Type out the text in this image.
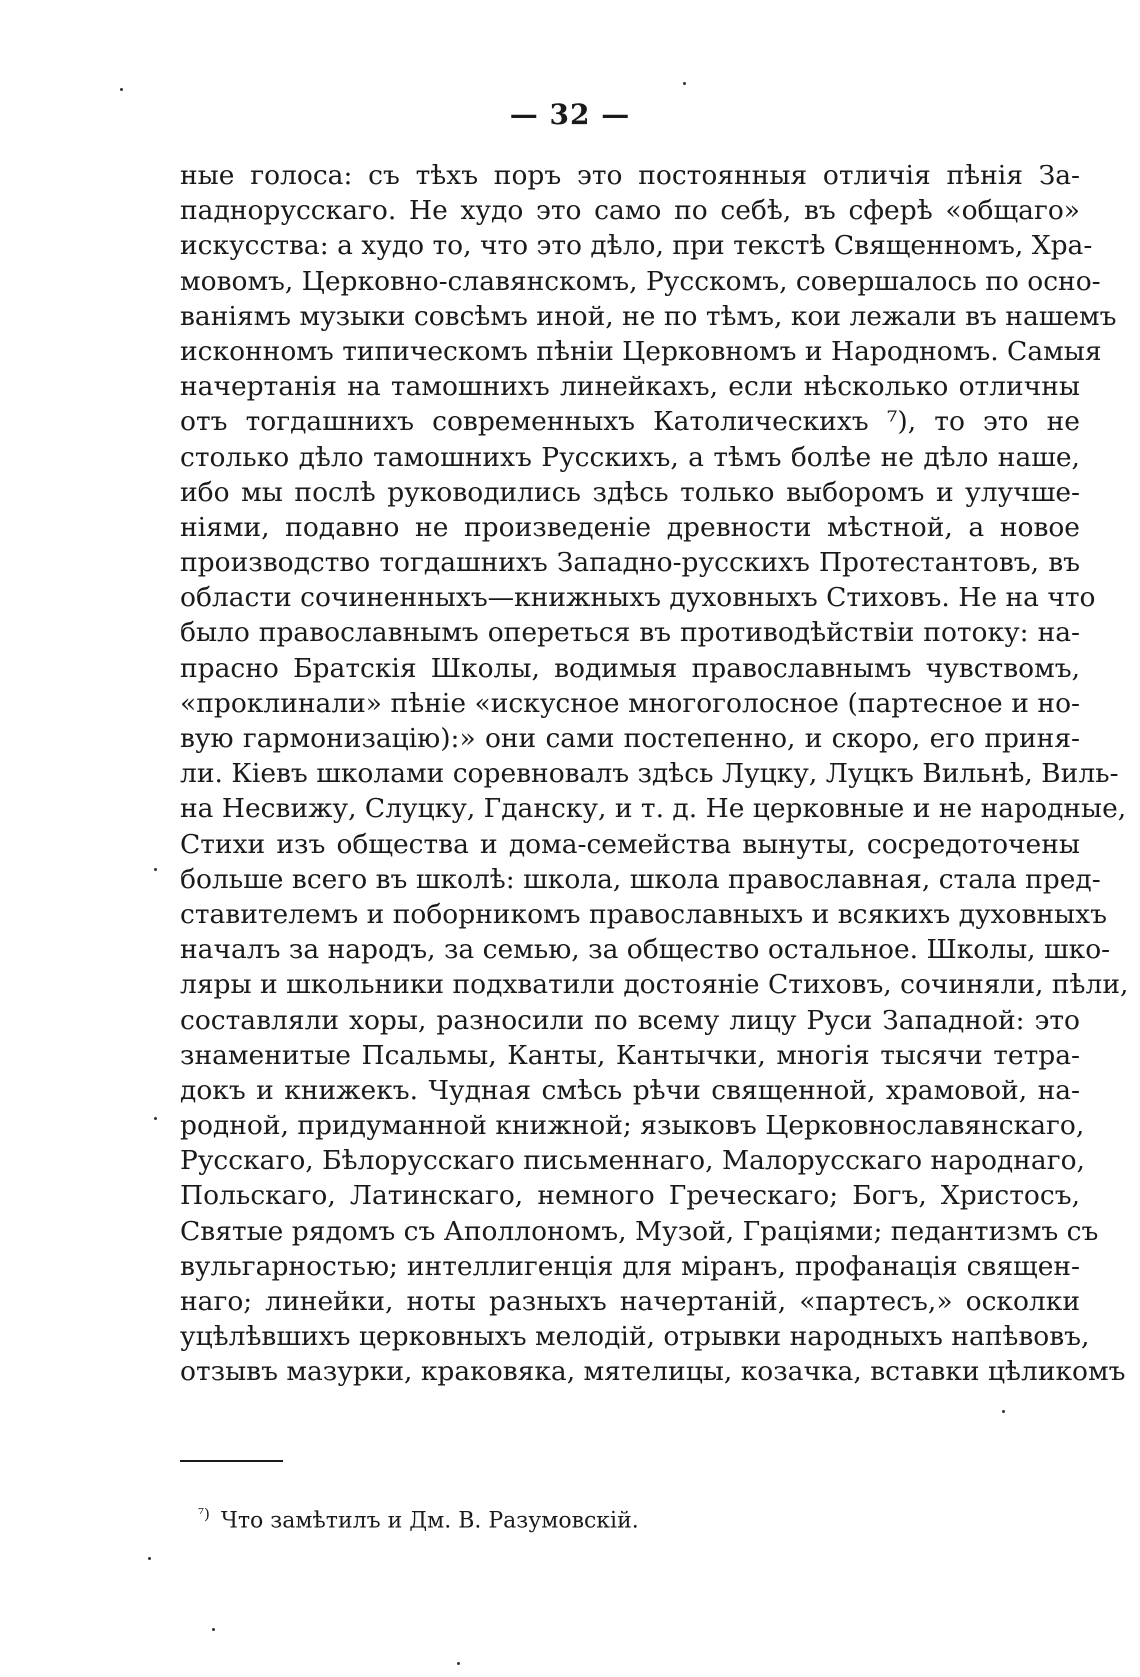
— 32 —
ные голоса: съ тѣхъ поръ это постоянныя отличія пѣнія За-
паднорусскаго. Не худо это само по себѣ, въ сферѣ «общаго»
искусства: а худо то, что это дѣло, при текстѣ Священномъ, Хра-
мовомъ, Церковно-славянскомъ, Русскомъ, совершалось по осно-
ваніямъ музыки совсѣмъ иной, не по тѣмъ, кои лежали въ нашемъ
исконномъ типическомъ пѣніи Церковномъ и Народномъ. Самыя
начертанія на тамошнихъ линейкахъ, если нѣсколько отличны
отъ тогдашнихъ современныхъ Католическихъ ⁷), то это не
столько дѣло тамошнихъ Русскихъ, а тѣмъ болѣе не дѣло наше,
ибо мы послѣ руководились здѣсь только выборомъ и улучше-
ніями, подавно не произведеніе древности мѣстной, а новое
производство тогдашнихъ Западно-русскихъ Протестантовъ, въ
области сочиненныхъ—книжныхъ духовныхъ Стиховъ. Не на что
было православнымъ опереться въ противодѣйствіи потоку: на-
прасно Братскія Школы, водимыя православнымъ чувствомъ,
«проклинали» пѣніе «искусное многоголосное (партесное и но-
вую гармонизацію):» они сами постепенно, и скоро, его приня-
ли. Кіевъ школами соревновалъ здѣсь Луцку, Луцкъ Вильнѣ, Виль-
на Несвижу, Слуцку, Гданску, и т. д. Не церковные и не народные,
Стихи изъ общества и дома-семейства вынуты, сосредоточены
больше всего въ школѣ: школа, школа православная, стала пред-
ставителемъ и поборникомъ православныхъ и всякихъ духовныхъ
началъ за народъ, за семью, за общество остальное. Школы, шко-
ляры и школьники подхватили достояніе Стиховъ, сочиняли, пѣли,
составляли хоры, разносили по всему лицу Руси Западной: это
знаменитые Псальмы, Канты, Кантычки, многія тысячи тетра-
докъ и книжекъ. Чудная смѣсь рѣчи священной, храмовой, на-
родной, придуманной книжной; языковъ Церковнославянскаго,
Русскаго, Бѣлорусскаго письменнаго, Малорусскаго народнаго,
Польскаго, Латинскаго, немного Греческаго; Богъ, Христосъ,
Святые рядомъ съ Аполлономъ, Музой, Граціями; педантизмъ съ
вульгарностью; интеллигенція для міранъ, профанація священ-
наго; линейки, ноты разныхъ начертаній, «партесъ,» осколки
уцѣлѣвшихъ церковныхъ мелодій, отрывки народныхъ напѣвовъ,
отзывъ мазурки, краковяка, мятелицы, козачка, вставки цѣликомъ
$^{^7)}$ Что замѣтилъ и Дм. В. Разумовскій.
